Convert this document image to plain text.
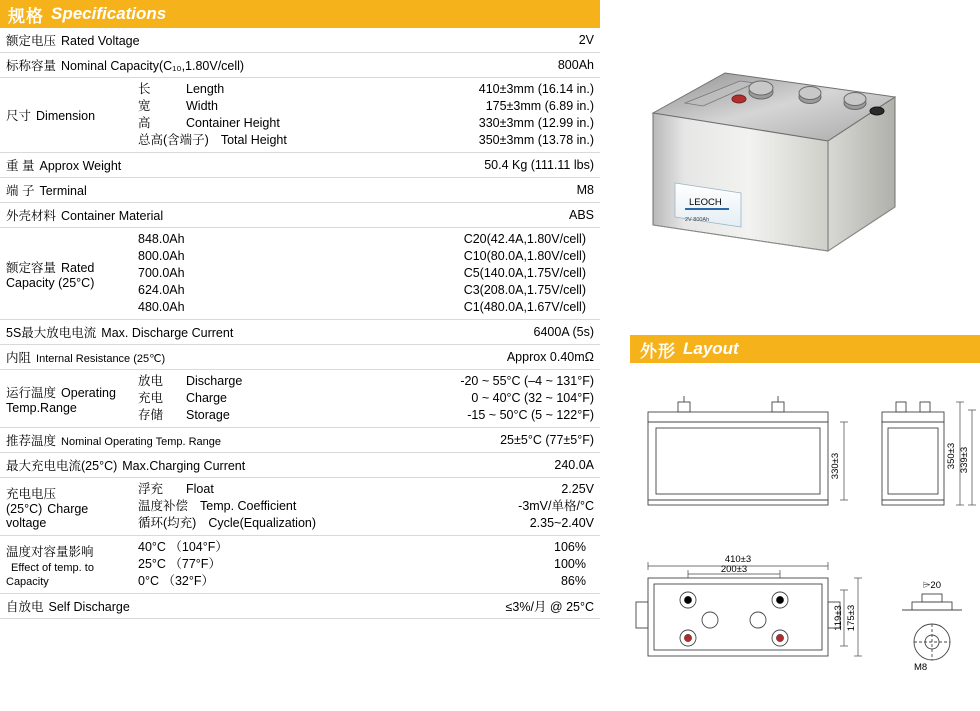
规格 Specifications
额定电压 Rated Voltage		2V
标称容量 Nominal Capacity(C₁₀,1.80V/cell)		800Ah
尺寸 Dimension	
长	Length	410±3mm (16.14 in.)
宽	Width	175±3mm (6.89 in.)
高	Container Height	330±3mm (12.99 in.)
总高(含端子) Total Height	350±3mm (13.78 in.)

重 量 Approx Weight		50.4 Kg (111.11 lbs)
端 子 Terminal		M8
外壳材料 Container Material		ABS
额定容量 Rated Capacity (25°C)	
848.0Ah	C20(42.4A,1.80V/cell)
800.0Ah	C10(80.0A,1.80V/cell)
700.0Ah	C5(140.0A,1.75V/cell)
624.0Ah	C3(208.0A,1.75V/cell)
480.0Ah	C1(480.0A,1.67V/cell)

5S最大放电电流 Max. Discharge Current		6400A (5s)
内阻 Internal Resistance (25℃)		Approx 0.40mΩ
运行温度 Operating Temp.Range	
放电	Discharge	-20 ~ 55°C (–4 ~ 131°F)
充电	Charge	0 ~ 40°C (32 ~ 104°F)
存储	Storage	-15 ~ 50°C (5 ~ 122°F)

推荐温度 Nominal Operating Temp. Range		25±5°C (77±5°F)
最大充电电流(25°C) Max.Charging Current		240.0A
充电电压(25°C) Charge voltage	
浮充	Float	2.25V
温度补偿 Temp. Coefficient	-3mV/单格/°C
循环(均充) Cycle(Equalization)	2.35~2.40V

温度对容量影响Effect of temp. to Capacity	
40°C （104°F）	106%
25°C （77°F）	100%
0°C （32°F）	86%

自放电 Self Discharge		≤3%/月 @ 25°C
LEOCH
2V 800Ah
外形 Layout
330±3	350±3 339±3
410±3
200±3
175±3
119±3
⌲20
M8
